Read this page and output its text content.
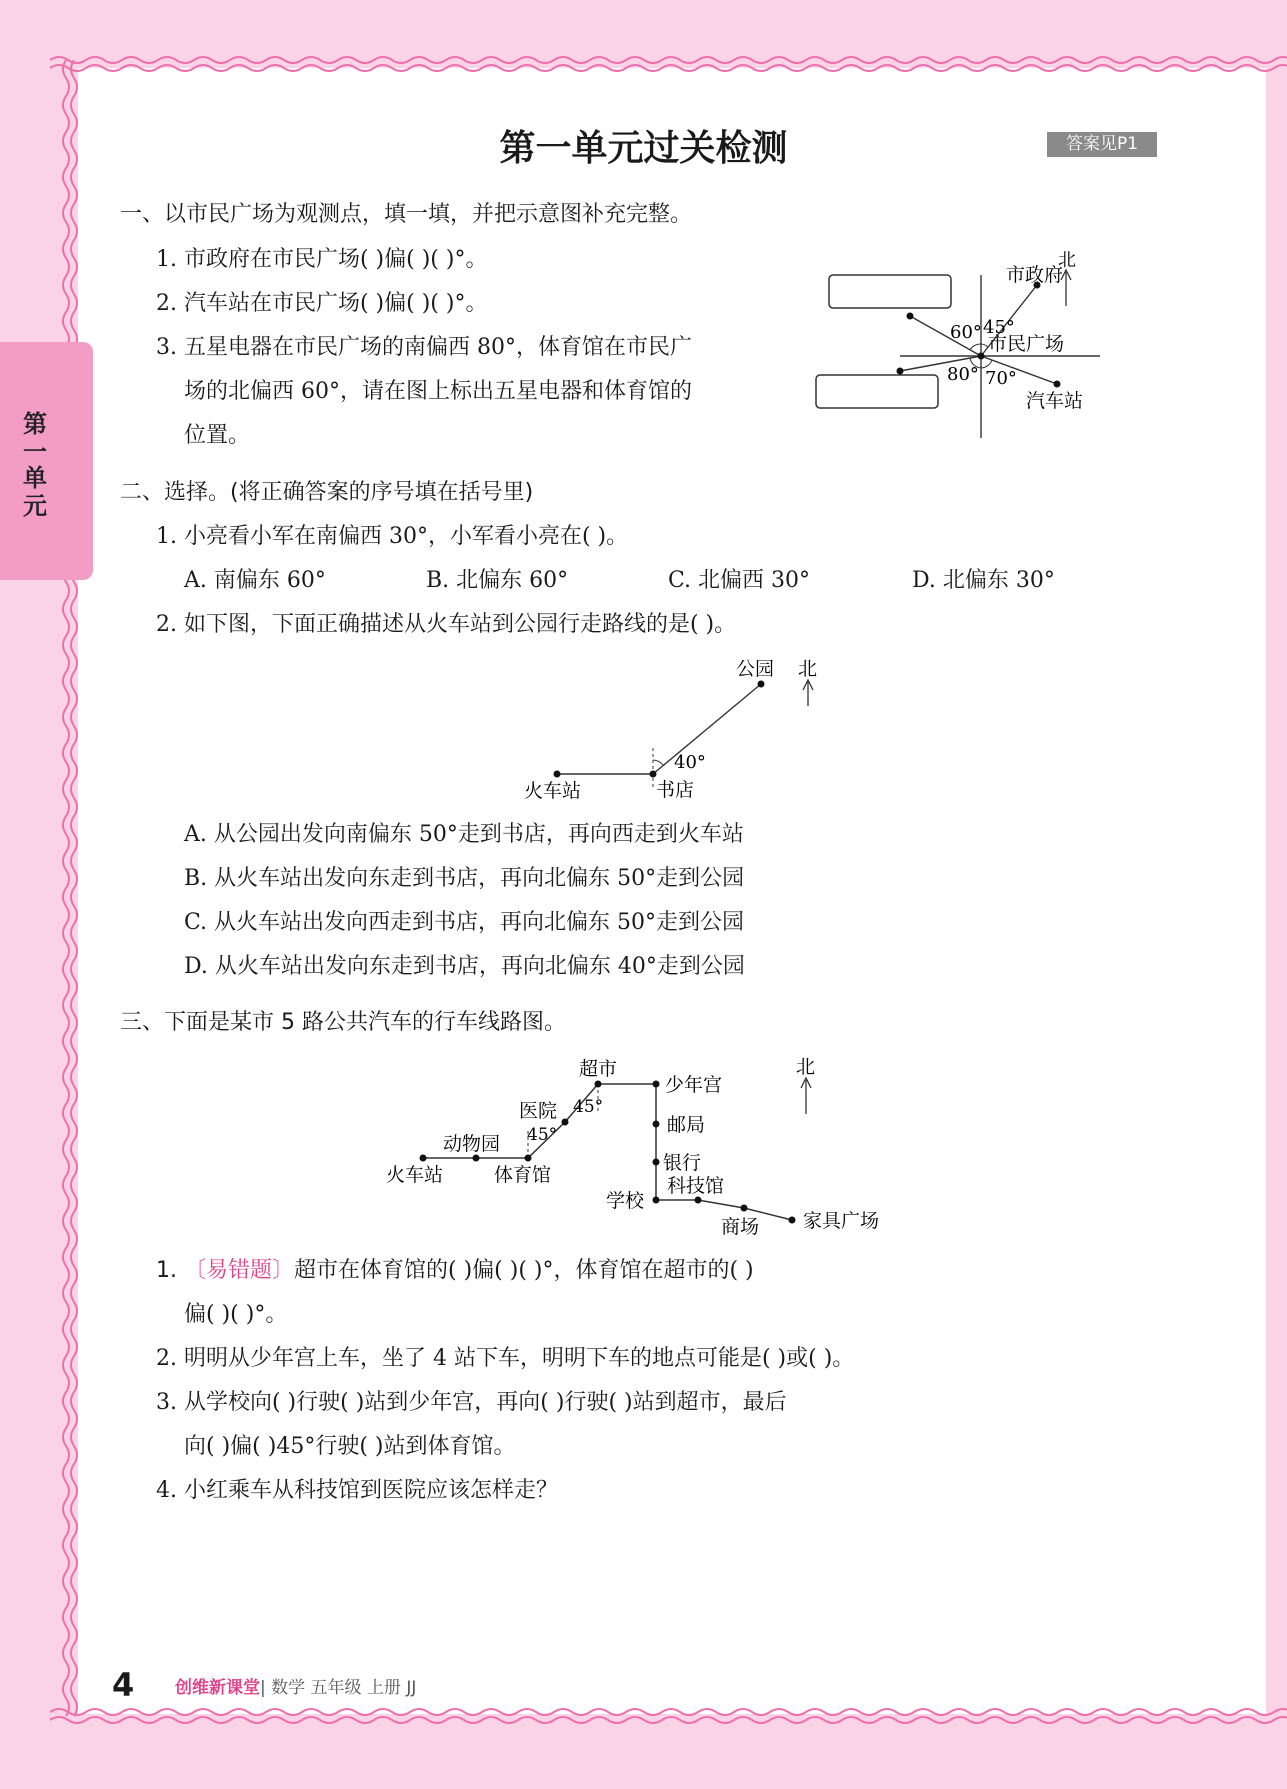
第
一
单
元
第一单元过关检测	答案见P1
一、以市民广场为观测点，填一填，并把示意图补充完整。
1. 市政府在市民广场( )偏( )( )°。
2. 汽车站在市民广场( )偏( )( )°。
3. 五星电器在市民广场的南偏西 80°，体育馆在市民广
场的北偏西 60°，请在图上标出五星电器和体育馆的
位置。
北
市政府
市民广场
汽车站
60° 45°
80° 70°
二、选择。(将正确答案的序号填在括号里)
1. 小亮看小军在南偏西 30°，小军看小亮在( )。
A. 南偏东 60°	B. 北偏东 60°	C. 北偏西 30°	D. 北偏东 30°
2. 如下图，下面正确描述从火车站到公园行走路线的是( )。
公园 北
火车站	书店
40°
A. 从公园出发向南偏东 50°走到书店，再向西走到火车站
B. 从火车站出发向东走到书店，再向北偏东 50°走到公园
C. 从火车站出发向西走到书店，再向北偏东 50°走到公园
D. 从火车站出发向东走到书店，再向北偏东 40°走到公园
三、下面是某市 5 路公共汽车的行车线路图。
超市
少年宫
邮局
银行
科技馆
学校
商场 家具广场
医院
动物园
火车站	体育馆
45°
45°
北
1. 〔易错题〕超市在体育馆的( )偏( )( )°，体育馆在超市的( )
偏( )( )°。
2. 明明从少年宫上车，坐了 4 站下车，明明下车的地点可能是( )或( )。
3. 从学校向( )行驶( )站到少年宫，再向( )行驶( )站到超市，最后
向( )偏( )45°行驶( )站到体育馆。
4. 小红乘车从科技馆到医院应该怎样走？
4 创维新课堂| 数学 五年级 上册 JJ
